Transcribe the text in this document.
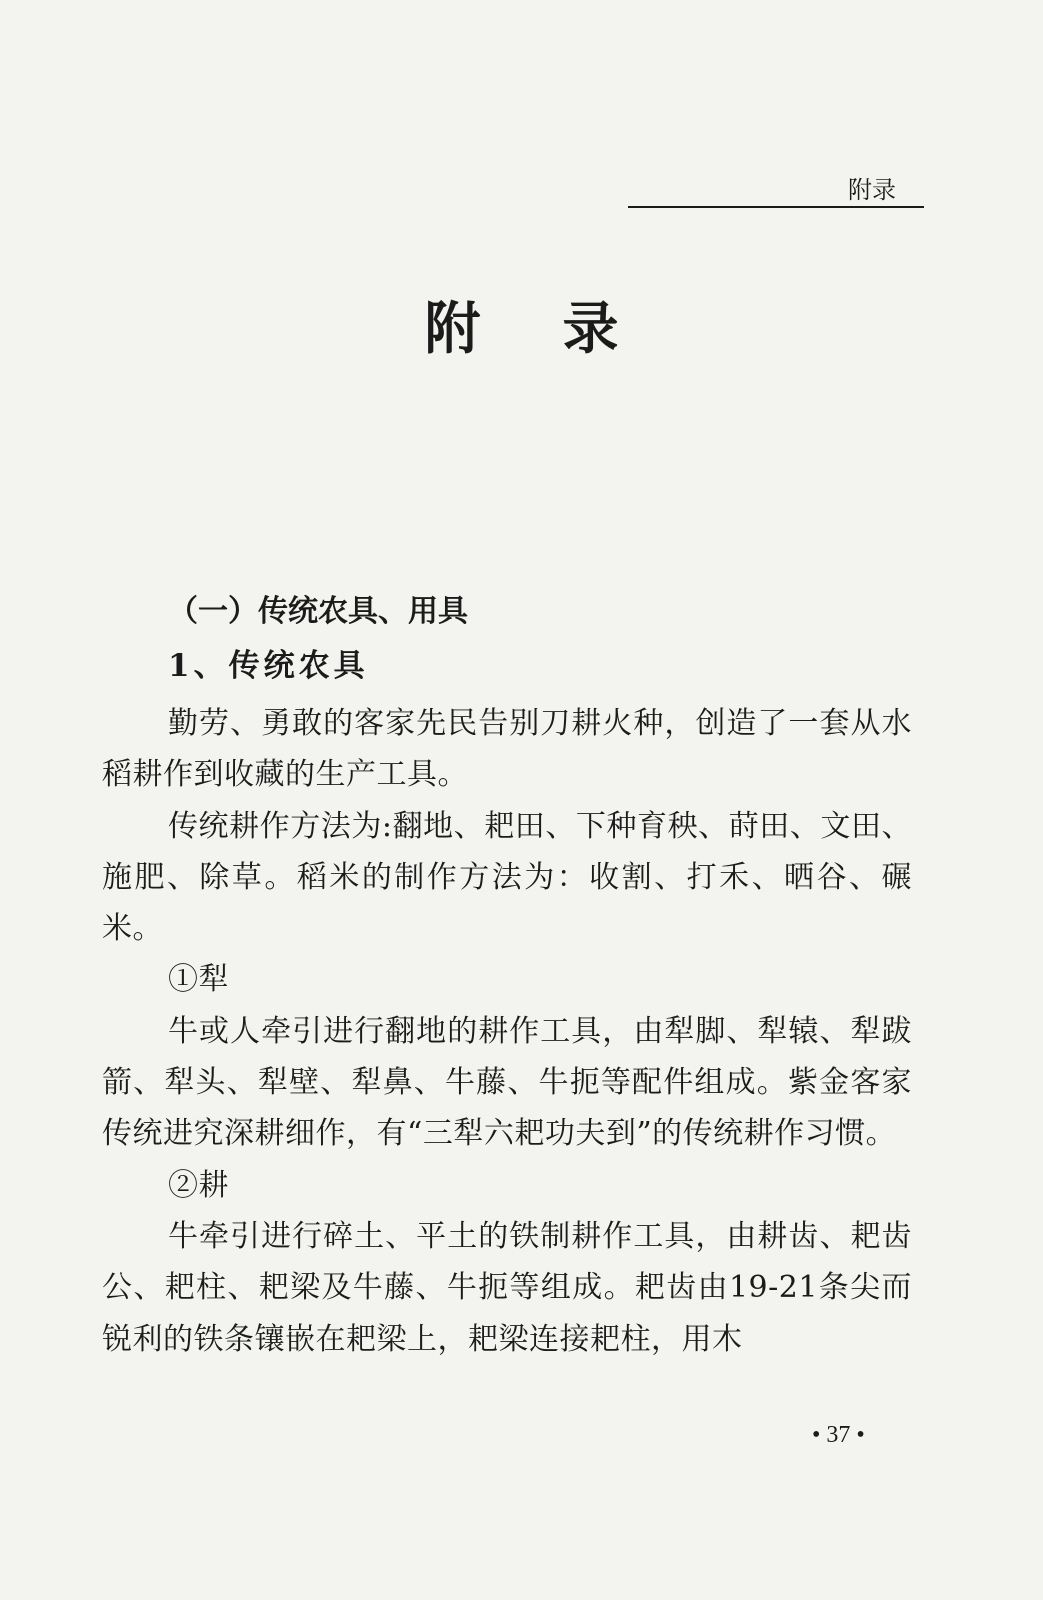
附录
附录
（一）传统农具、用具
1、传统农具

勤劳、勇敢的客家先民告别刀耕火种，创造了一套从水稻耕作到收藏的生产工具。

传统耕作方法为:翻地、耙田、下种育秧、莳田、文田、施肥、除草。稻米的制作方法为：收割、打禾、晒谷、碾米。

①犁

牛或人牵引进行翻地的耕作工具，由犁脚、犁辕、犁跋箭、犁头、犁壁、犁鼻、牛藤、牛扼等配件组成。紫金客家传统进究深耕细作，有“三犁六耙功夫到”的传统耕作习惯。

②耕

牛牵引进行碎土、平土的铁制耕作工具，由耕齿、耙齿公、耙柱、耙梁及牛藤、牛扼等组成。耙齿由19-21条尖而锐利的铁条镶嵌在耙梁上，耙梁连接耙柱，用木

• 37 •
